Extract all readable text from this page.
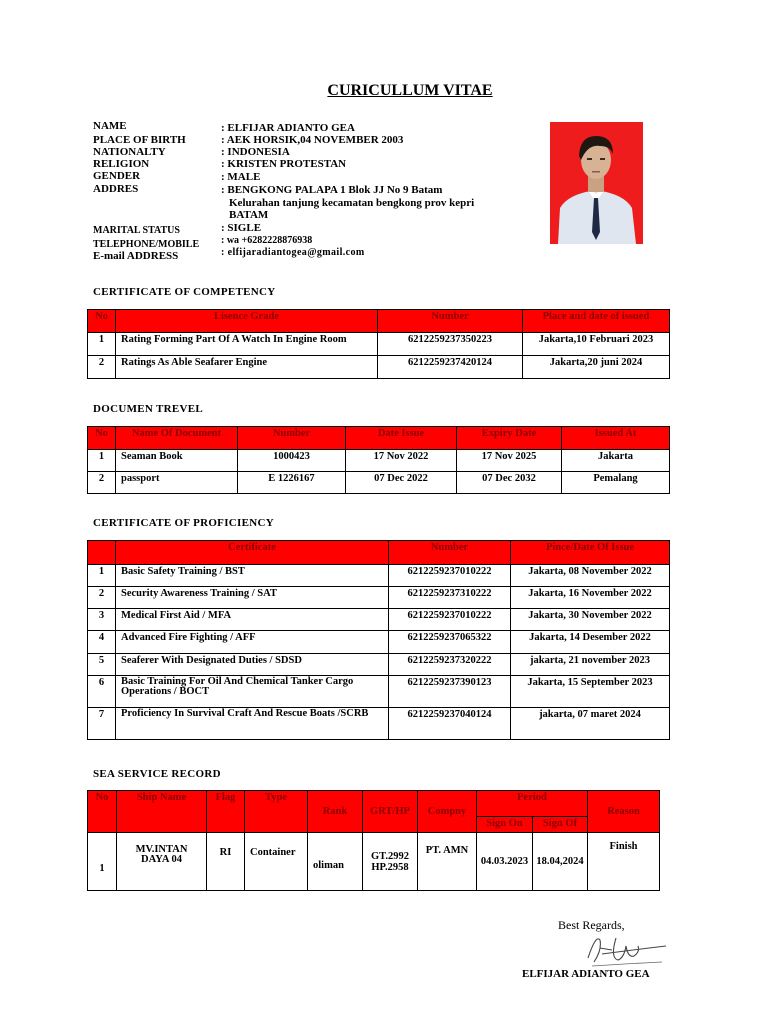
CURICULLUM VITAE
NAME	: ELFIJAR ADIANTO GEA
PLACE OF BIRTH	: AEK HORSIK,04 NOVEMBER 2003
NATIONALTY	: INDONESIA
RELIGION	: KRISTEN PROTESTAN
GENDER	: MALE
ADDRES	: BENGKONG PALAPA 1 Blok JJ No 9 Batam
Kelurahan tanjung kecamatan bengkong prov kepri
BATAM
MARITAL STATUS	: SIGLE
TELEPHONE/MOBILE : wa +6282228876938
E-mail ADDRESS	: elfijaradiantogea@gmail.com
CERTIFICATE OF COMPETENCY
No	Lisence Grade	Number	Place and date of issued
1	Rating Forming Part Of A Watch In Engine Room	6212259237350223	Jakarta,10 Februari 2023
2	Ratings As Able Seafarer Engine	6212259237420124	Jakarta,20 juni 2024
DOCUMEN TREVEL
No	Name Of Document	Number	Date Issue	Expiry Date	Issued At
1	Seaman Book	1000423	17 Nov 2022	17 Nov 2025	Jakarta
2	passport	E 1226167	07 Dec 2022	07 Dec 2032	Pemalang
CERTIFICATE OF PROFICIENCY
	Certificate	Number	Pince/Date Of Issue
1	Basic Safety Training / BST	6212259237010222	Jakarta, 08 November 2022
2	Security Awareness Training / SAT	6212259237310222	Jakarta, 16 November 2022
3	Medical First Aid / MFA	6212259237010222	Jakarta, 30 November 2022
4	Advanced Fire Fighting / AFF	6212259237065322	Jakarta, 14 Desember 2022
5	Seaferer With Designated Duties / SDSD	6212259237320222	jakarta, 21 november 2023
6	Basic Training For Oil And Chemical Tanker Cargo Operations / BOCT	6212259237390123	Jakarta, 15 September 2023
7	Proficiency In Survival Craft And Rescue Boats /SCRB	6212259237040124	jakarta, 07 maret 2024
SEA SERVICE RECORD
No	Ship Name	Flag	Type	Rank	GRT/HP	Compny	Period		Reason
							Sign On	Sign Of	
1	MV.INTAN DAYA 04	RI	Container	oliman	GT.2992 HP.2958	PT. AMN	04.03.2023	18.04,2024	Finish
Best Regards,
ELFIJAR ADIANTO GEA
